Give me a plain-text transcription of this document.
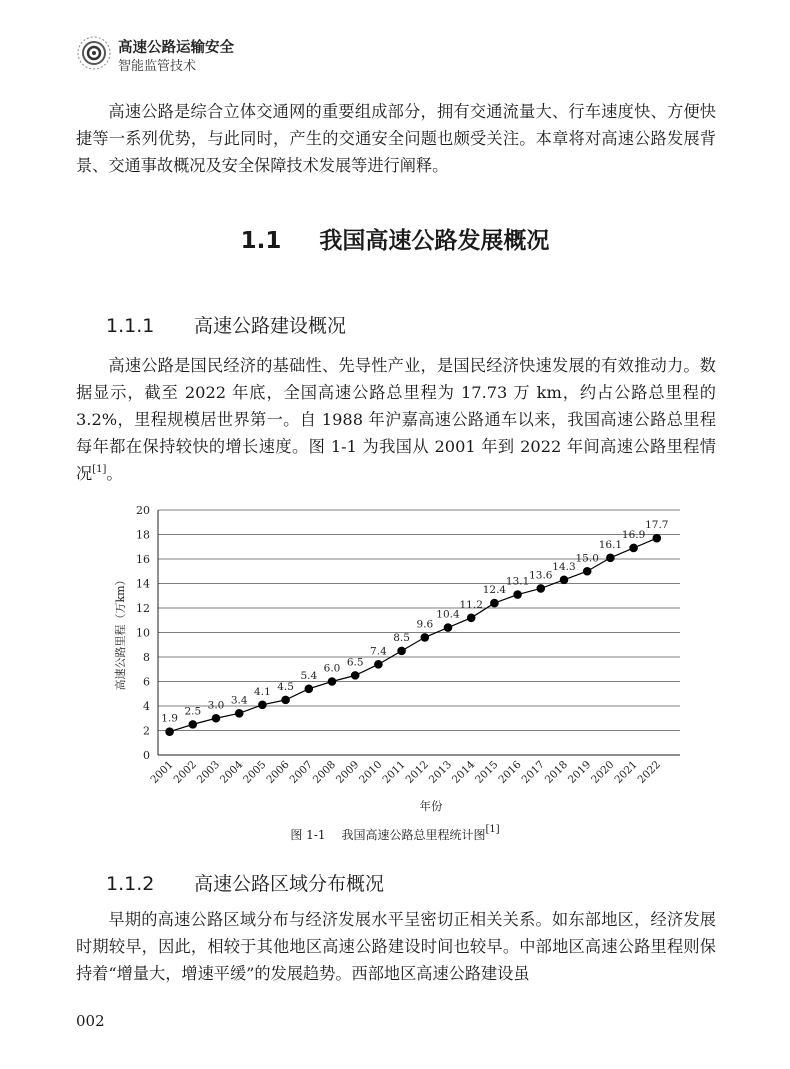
高速公路运输安全
智能监管技术

高速公路是综合立体交通网的重要组成部分，拥有交通流量大、行车速度快、方便快捷等一系列优势，与此同时，产生的交通安全问题也颇受关注。本章将对高速公路发展背景、交通事故概况及安全保障技术发展等进行阐释。

1.1 我国高速公路发展概况
1.1.1 高速公路建设概况

高速公路是国民经济的基础性、先导性产业，是国民经济快速发展的有效推动力。数据显示，截至 2022 年底，全国高速公路总里程为 17.73 万 km，约占公路总里程的 3.2%，里程规模居世界第一。自 1988 年沪嘉高速公路通车以来，我国高速公路总里程每年都在保持较快的增长速度。图 1-1 为我国从 2001 年到 2022 年间高速公路里程情况[1]。

0
2
4
6
8
10
12
14
16
18
20
2001
2002
2003
2004
2005
2006
2007
2008
2009
2010
2011
2012
2013
2014
2015
2016
2017
2018
2019
2020
2021
2022
1.9
2.5
3.0 3.4
4.1 4.5
5.4
6.0
6.5
7.4
8.5
9.6
10.4
11.2
12.4
13.1
13.6
14.3
15.0
16.1
16.9
17.7
高速公路里程（万km）
年份
图 1-1 我国高速公路总里程统计图[1]
1.1.2 高速公路区域分布概况

早期的高速公路区域分布与经济发展水平呈密切正相关关系。如东部地区，经济发展时期较早，因此，相较于其他地区高速公路建设时间也较早。中部地区高速公路里程则保持着“增量大，增速平缓”的发展趋势。西部地区高速公路建设虽

002
